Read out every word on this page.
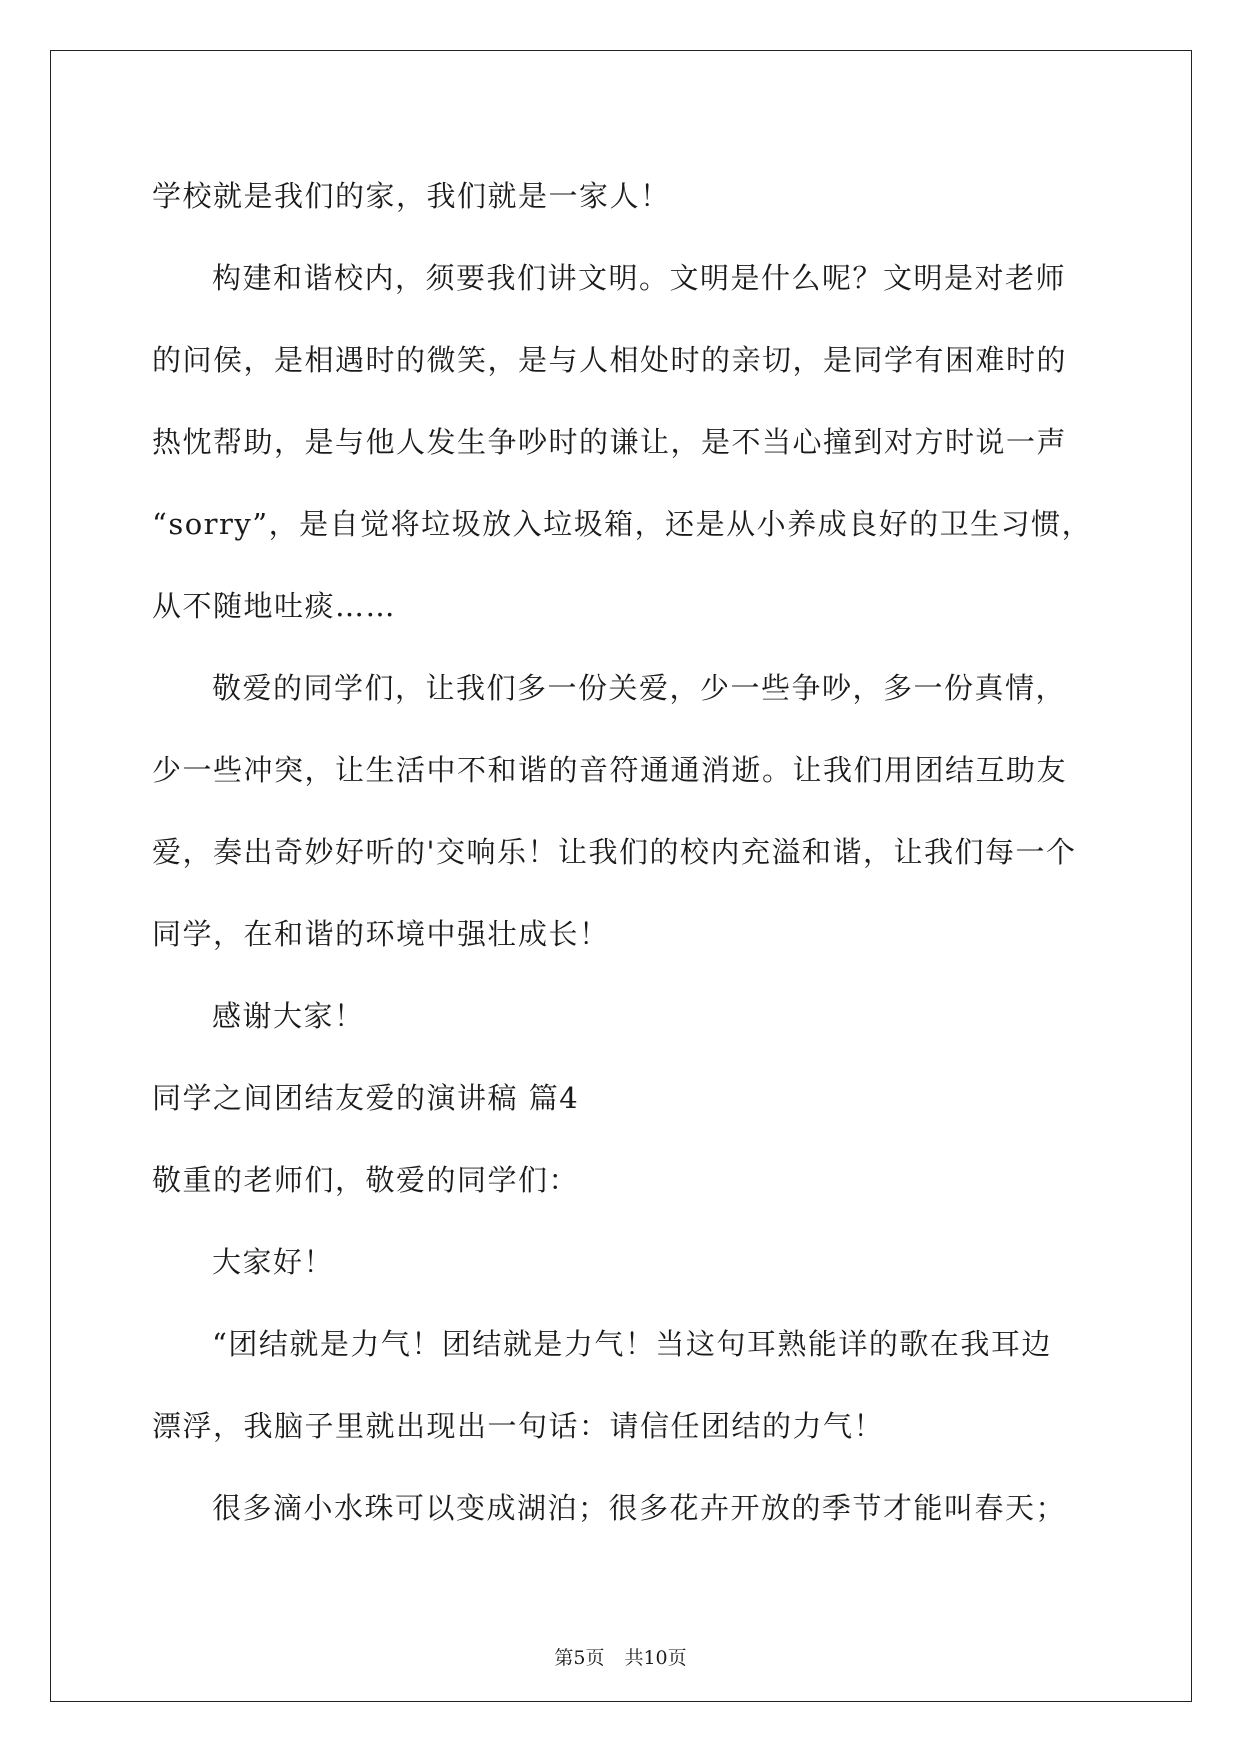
学校就是我们的家，我们就是一家人！
构建和谐校内，须要我们讲文明。文明是什么呢？文明是对老师
的问侯，是相遇时的微笑，是与人相处时的亲切，是同学有困难时的
热忱帮助，是与他人发生争吵时的谦让，是不当心撞到对方时说一声
“sorry”，是自觉将垃圾放入垃圾箱，还是从小养成良好的卫生习惯，
从不随地吐痰……
敬爱的同学们，让我们多一份关爱，少一些争吵，多一份真情，
少一些冲突，让生活中不和谐的音符通通消逝。让我们用团结互助友
爱，奏出奇妙好听的'交响乐！让我们的校内充溢和谐，让我们每一个
同学，在和谐的环境中强壮成长！
感谢大家！
同学之间团结友爱的演讲稿 篇4
敬重的老师们，敬爱的同学们：
大家好！
“团结就是力气！团结就是力气！当这句耳熟能详的歌在我耳边
漂浮，我脑子里就出现出一句话：请信任团结的力气！
很多滴小水珠可以变成湖泊；很多花卉开放的季节才能叫春天；
第5页 共10页
